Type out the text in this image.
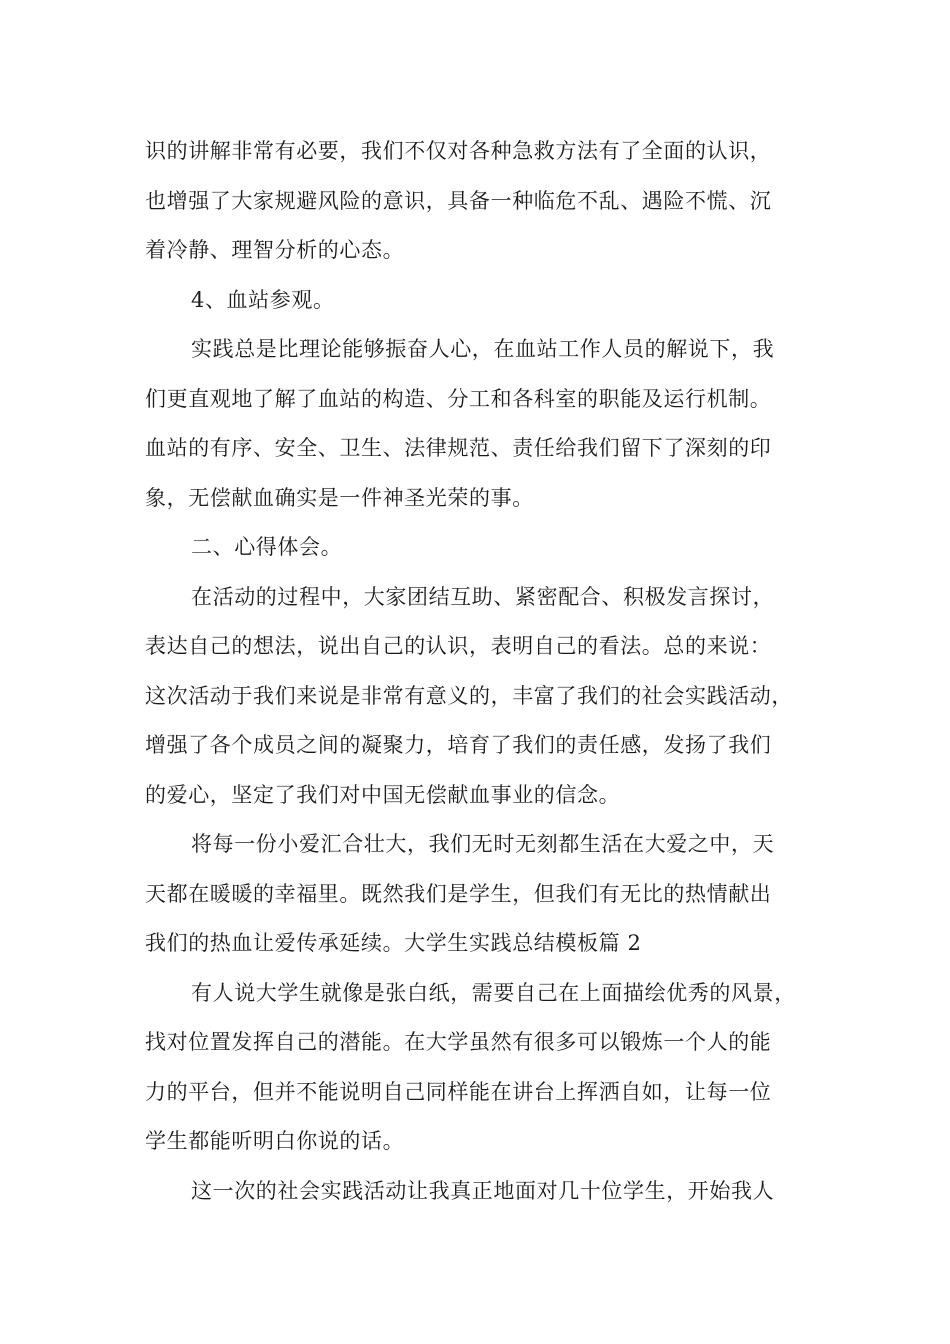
识的讲解非常有必要，我们不仅对各种急救方法有了全面的认识，
也增强了大家规避风险的意识，具备一种临危不乱、遇险不慌、沉
着冷静、理智分析的心态。
4、血站参观。
实践总是比理论能够振奋人心，在血站工作人员的解说下，我
们更直观地了解了血站的构造、分工和各科室的职能及运行机制。
血站的有序、安全、卫生、法律规范、责任给我们留下了深刻的印
象，无偿献血确实是一件神圣光荣的事。
二、心得体会。
在活动的过程中，大家团结互助、紧密配合、积极发言探讨，
表达自己的想法，说出自己的认识，表明自己的看法。总的来说：
这次活动于我们来说是非常有意义的，丰富了我们的社会实践活动，
增强了各个成员之间的凝聚力，培育了我们的责任感，发扬了我们
的爱心，坚定了我们对中国无偿献血事业的信念。
将每一份小爱汇合壮大，我们无时无刻都生活在大爱之中，天
天都在暖暖的幸福里。既然我们是学生，但我们有无比的热情献出
我们的热血让爱传承延续。大学生实践总结模板篇 2
有人说大学生就像是张白纸，需要自己在上面描绘优秀的风景，
找对位置发挥自己的潜能。在大学虽然有很多可以锻炼一个人的能
力的平台，但并不能说明自己同样能在讲台上挥洒自如，让每一位
学生都能听明白你说的话。
这一次的社会实践活动让我真正地面对几十位学生，开始我人
